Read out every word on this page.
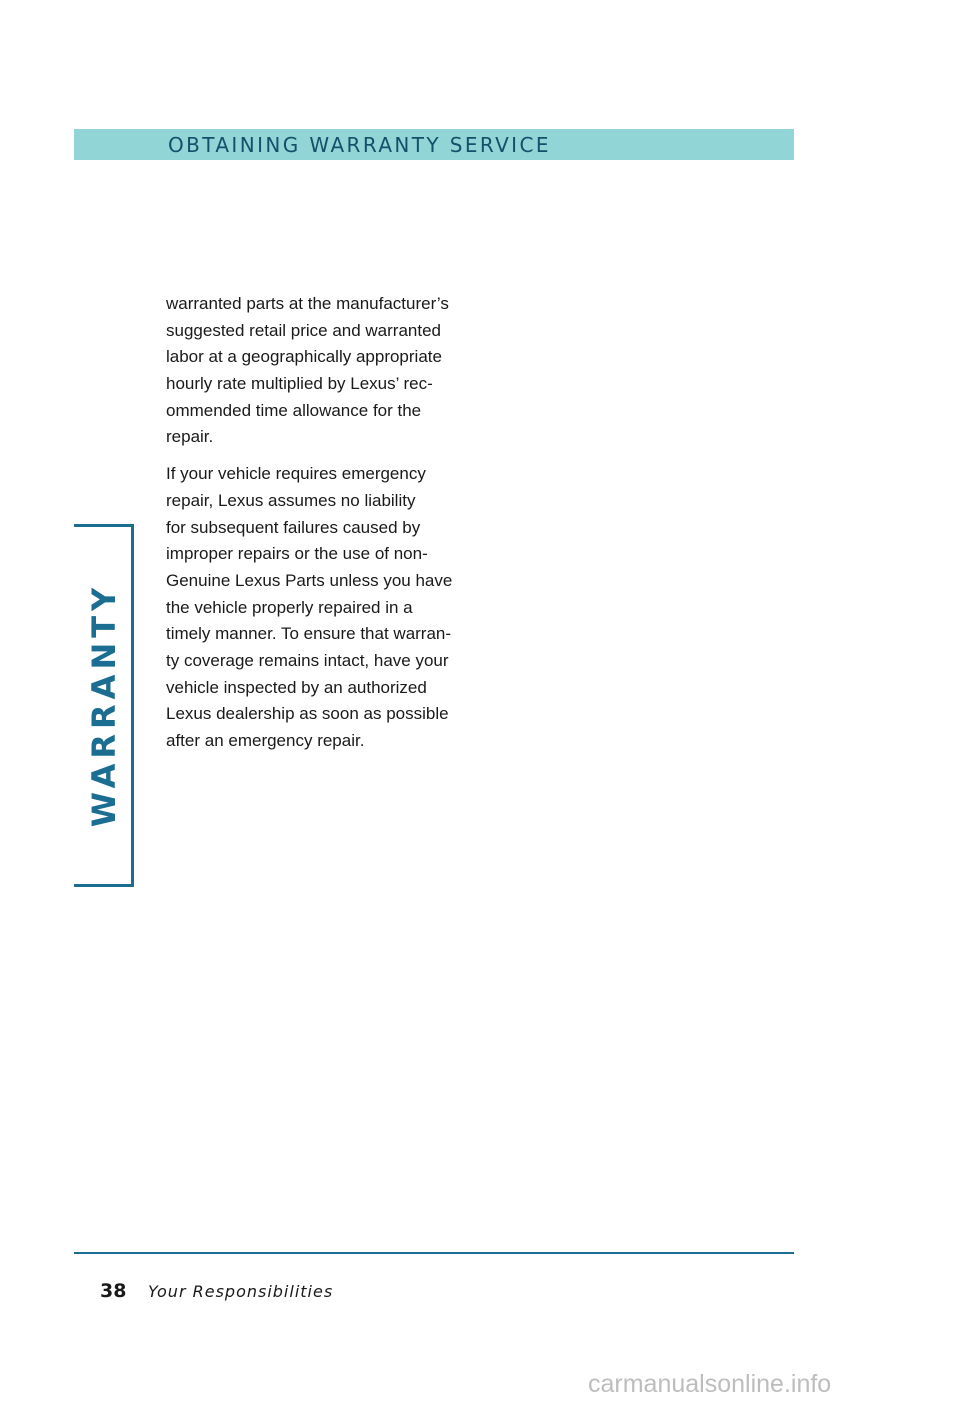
OBTAINING WARRANTY SERVICE

warranted parts at the manufacturer’s
suggested retail price and warranted
labor at a geographically appropriate
hourly rate multiplied by Lexus’ rec-
ommended time allowance for the
repair.

If your vehicle requires emergency
repair, Lexus assumes no liability
for subsequent failures caused by
improper repairs or the use of non-
Genuine Lexus Parts unless you have
the vehicle properly repaired in a
timely manner. To ensure that warran-
ty coverage remains intact, have your
vehicle inspected by an authorized
Lexus dealership as soon as possible
after an emergency repair.

WARRANTY
38 Your Responsibilities
carmanualsonline.info
